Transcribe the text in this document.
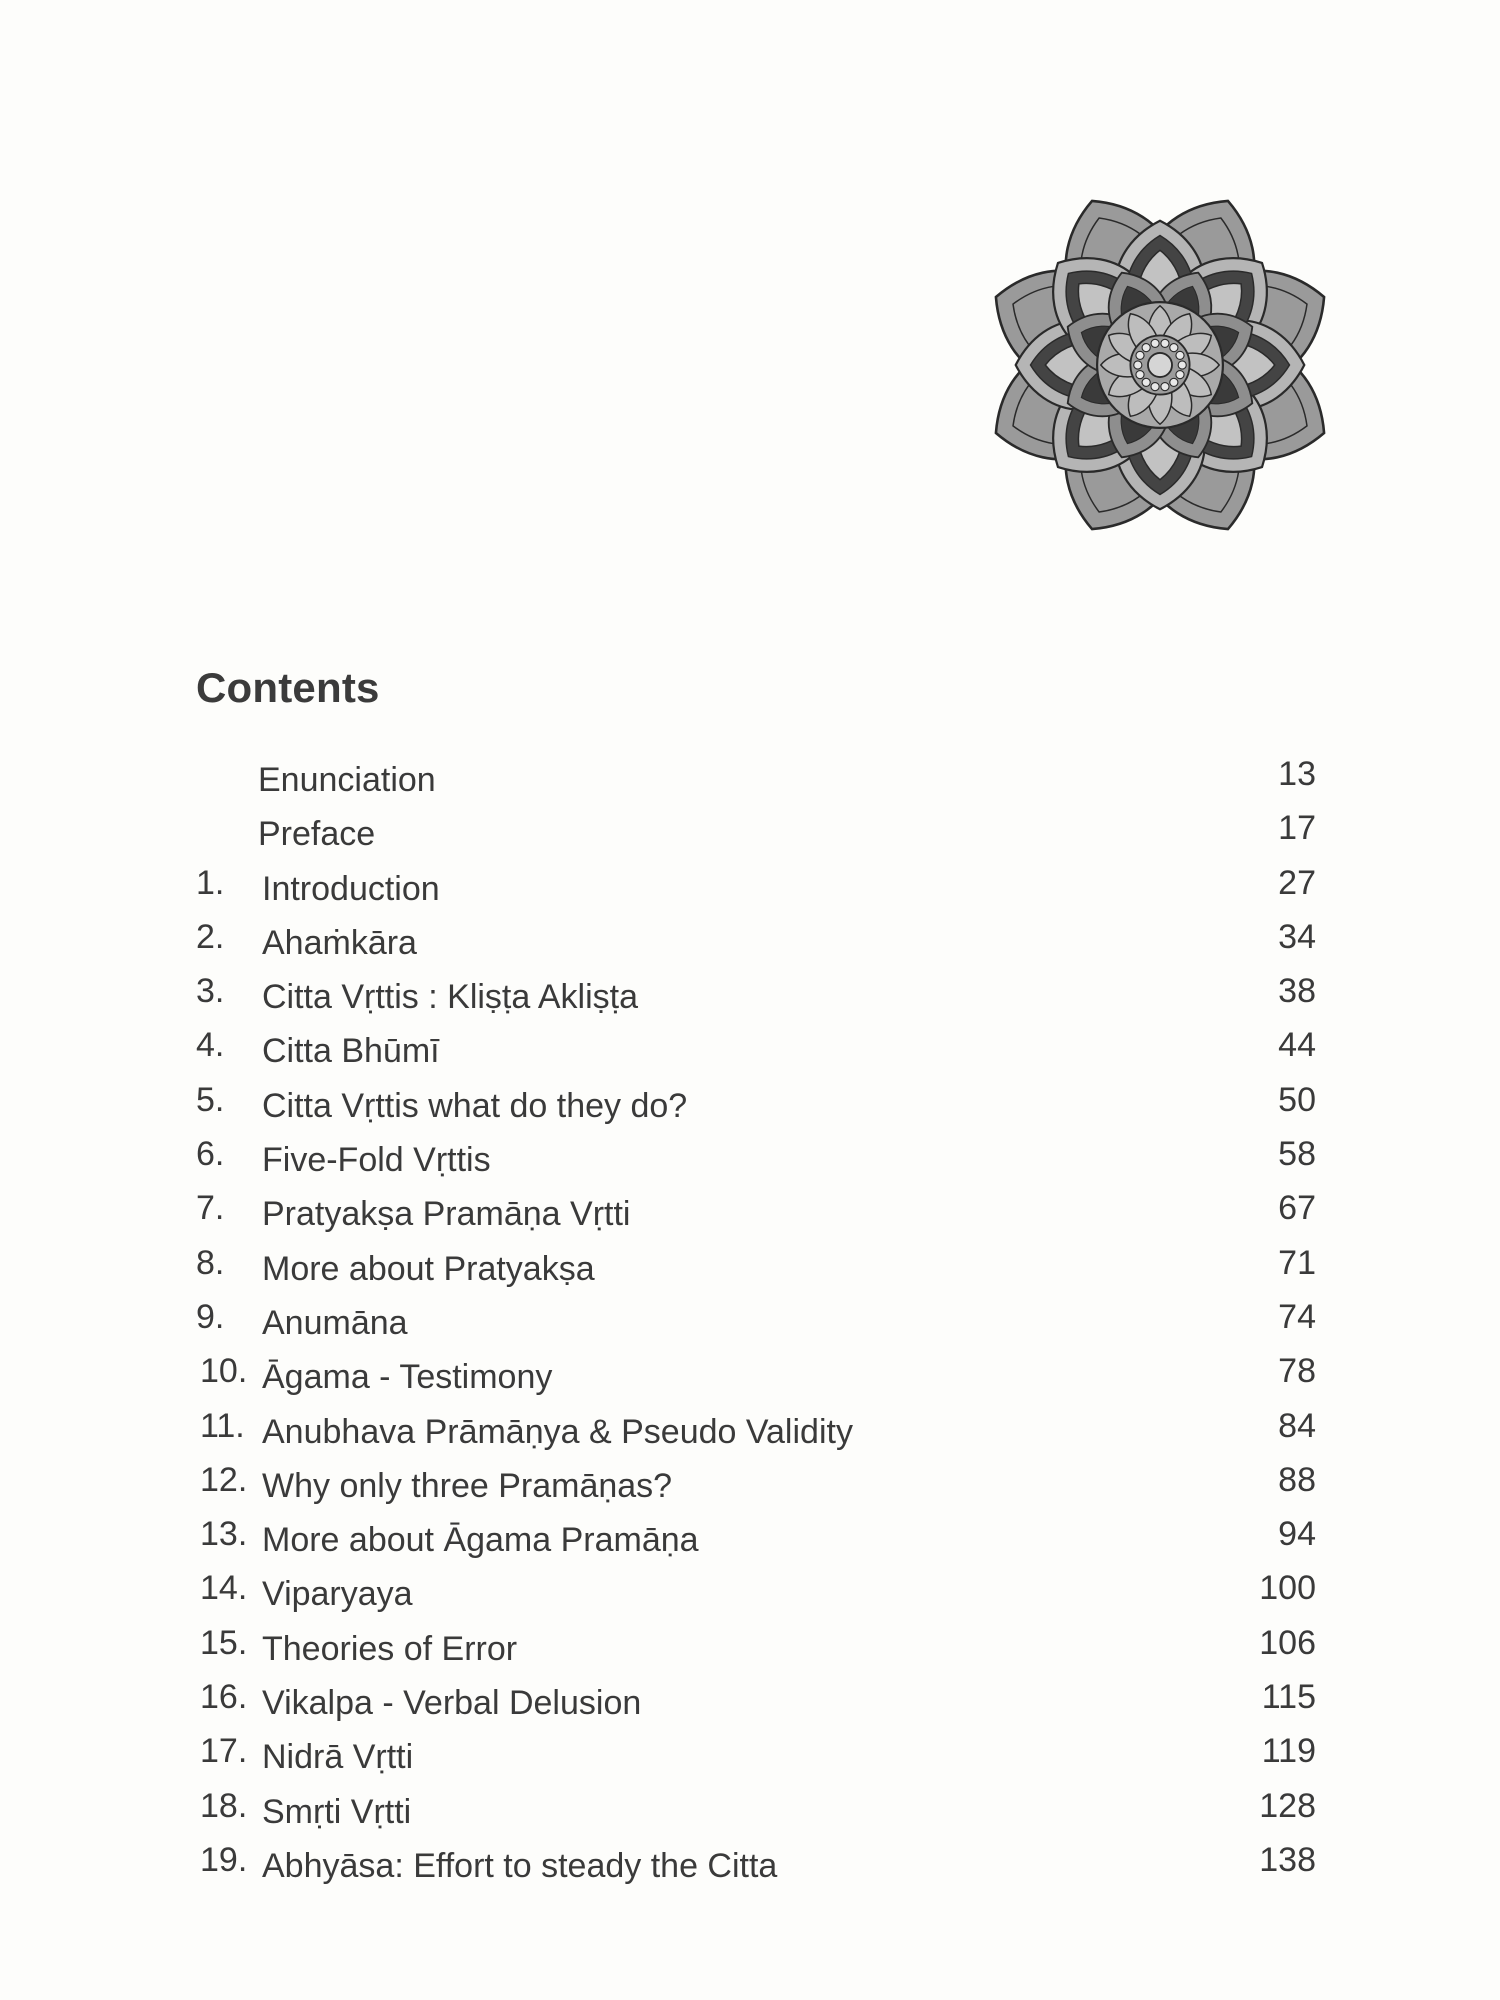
Contents
Enunciation	13
Preface	17
1.	Introduction	27
2.	Ahaṁkāra	34
3.	Citta Vṛttis : Kliṣṭa Akliṣṭa	38
4.	Citta Bhūmī	44
5.	Citta Vṛttis what do they do?	50
6.	Five-Fold Vṛttis	58
7.	Pratyakṣa Pramāṇa Vṛtti	67
8.	More about Pratyakṣa	71
9.	Anumāna	74
10. Āgama - Testimony	78
11. Anubhava Prāmāṇya & Pseudo Validity	84
12. Why only three Pramāṇas?	88
13. More about Āgama Pramāṇa	94
14. Viparyaya	100
15. Theories of Error	106
16. Vikalpa - Verbal Delusion	115
17. Nidrā Vṛtti	119
18. Smṛti Vṛtti	128
19. Abhyāsa: Effort to steady the Citta	138
